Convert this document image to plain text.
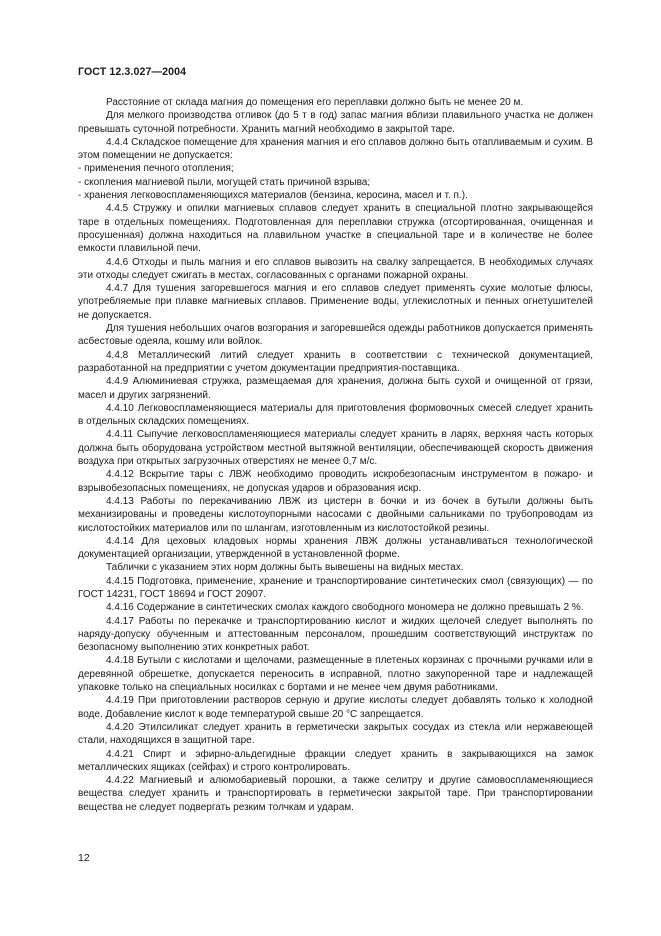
ГОСТ 12.3.027—2004

Расстояние от склада магния до помещения его переплавки должно быть не менее 20 м.

Для мелкого производства отливок (до 5 т в год) запас магния вблизи плавильного участка не должен превышать суточной потребности. Хранить магний необходимо в закрытой таре.

4.4.4 Складское помещение для хранения магния и его сплавов должно быть отапливаемым и сухим. В этом помещении не допускается:

- применения печного отопления;

- скопления магниевой пыли, могущей стать причиной взрыва;

- хранения легковоспламеняющихся материалов (бензина, керосина, масел и т. п.).

4.4.5 Стружку и опилки магниевых сплавов следует хранить в специальной плотно закрывающейся таре в отдельных помещениях. Подготовленная для переплавки стружка (отсортированная, очищенная и просушенная) должна находиться на плавильном участке в специальной таре и в количестве не более емкости плавильной печи.

4.4.6 Отходы и пыль магния и его сплавов вывозить на свалку запрещается. В необходимых случаях эти отходы следует сжигать в местах, согласованных с органами пожарной охраны.

4.4.7 Для тушения загоревшегося магния и его сплавов следует применять сухие молотые флюсы, употребляемые при плавке магниевых сплавов. Применение воды, углекислотных и пенных огнетушителей не допускается.

Для тушения небольших очагов возгорания и загоревшейся одежды работников допускается применять асбестовые одеяла, кошму или войлок.

4.4.8 Металлический литий следует хранить в соответствии с технической документацией, разработанной на предприятии с учетом документации предприятия-поставщика.

4.4.9 Алюминиевая стружка, размещаемая для хранения, должна быть сухой и очищенной от грязи, масел и других загрязнений.

4.4.10 Легковоспламеняющиеся материалы для приготовления формовочных смесей следует хранить в отдельных складских помещениях.

4.4.11 Сыпучие легковоспламеняющиеся материалы следует хранить в ларях, верхняя часть которых должна быть оборудована устройством местной вытяжной вентиляции, обеспечивающей скорость движения воздуха при открытых загрузочных отверстиях не менее 0,7 м/с.

4.4.12 Вскрытие тары с ЛВЖ необходимо проводить искробезопасным инструментом в пожаро- и взрывобезопасных помещениях, не допуская ударов и образования искр.

4.4.13 Работы по перекачиванию ЛВЖ из цистерн в бочки и из бочек в бутыли должны быть механизированы и проведены кислотоупорными насосами с двойными сальниками по трубопроводам из кислотостойких материалов или по шлангам, изготовленным из кислотостойкой резины.

4.4.14 Для цеховых кладовых нормы хранения ЛВЖ должны устанавливаться технологической документацией организации, утвержденной в установленной форме.

Таблички с указанием этих норм должны быть вывешены на видных местах.

4.4.15 Подготовка, применение, хранение и транспортирование синтетических смол (связующих) — по ГОСТ 14231, ГОСТ 18694 и ГОСТ 20907.

4.4.16 Содержание в синтетических смолах каждого свободного мономера не должно превышать 2 %.

4.4.17 Работы по перекачке и транспортированию кислот и жидких щелочей следует выполнять по наряду-допуску обученным и аттестованным персоналом, прошедшим соответствующий инструктаж по безопасному выполнению этих конкретных работ.

4.4.18 Бутыли с кислотами и щелочами, размещенные в плетеных корзинах с прочными ручками или в деревянной обрешетке, допускается переносить в исправной, плотно закупоренной таре и надлежащей упаковке только на специальных носилках с бортами и не менее чем двумя работниками.

4.4.19 При приготовлении растворов серную и другие кислоты следует добавлять только к холодной воде. Добавление кислот к воде температурой свыше 20 °С запрещается.

4.4.20 Этилсиликат следует хранить в герметически закрытых сосудах из стекла или нержавеющей стали, находящихся в защитной таре.

4.4.21 Спирт и эфирно-альдегидные фракции следует хранить в закрывающихся на замок металлических ящиках (сейфах) и строго контролировать.

4.4.22 Магниевый и алюмобариевый порошки, а также селитру и другие самовоспламеняющиеся вещества следует хранить и транспортировать в герметически закрытой таре. При транспортировании вещества не следует подвергать резким толчкам и ударам.

12
